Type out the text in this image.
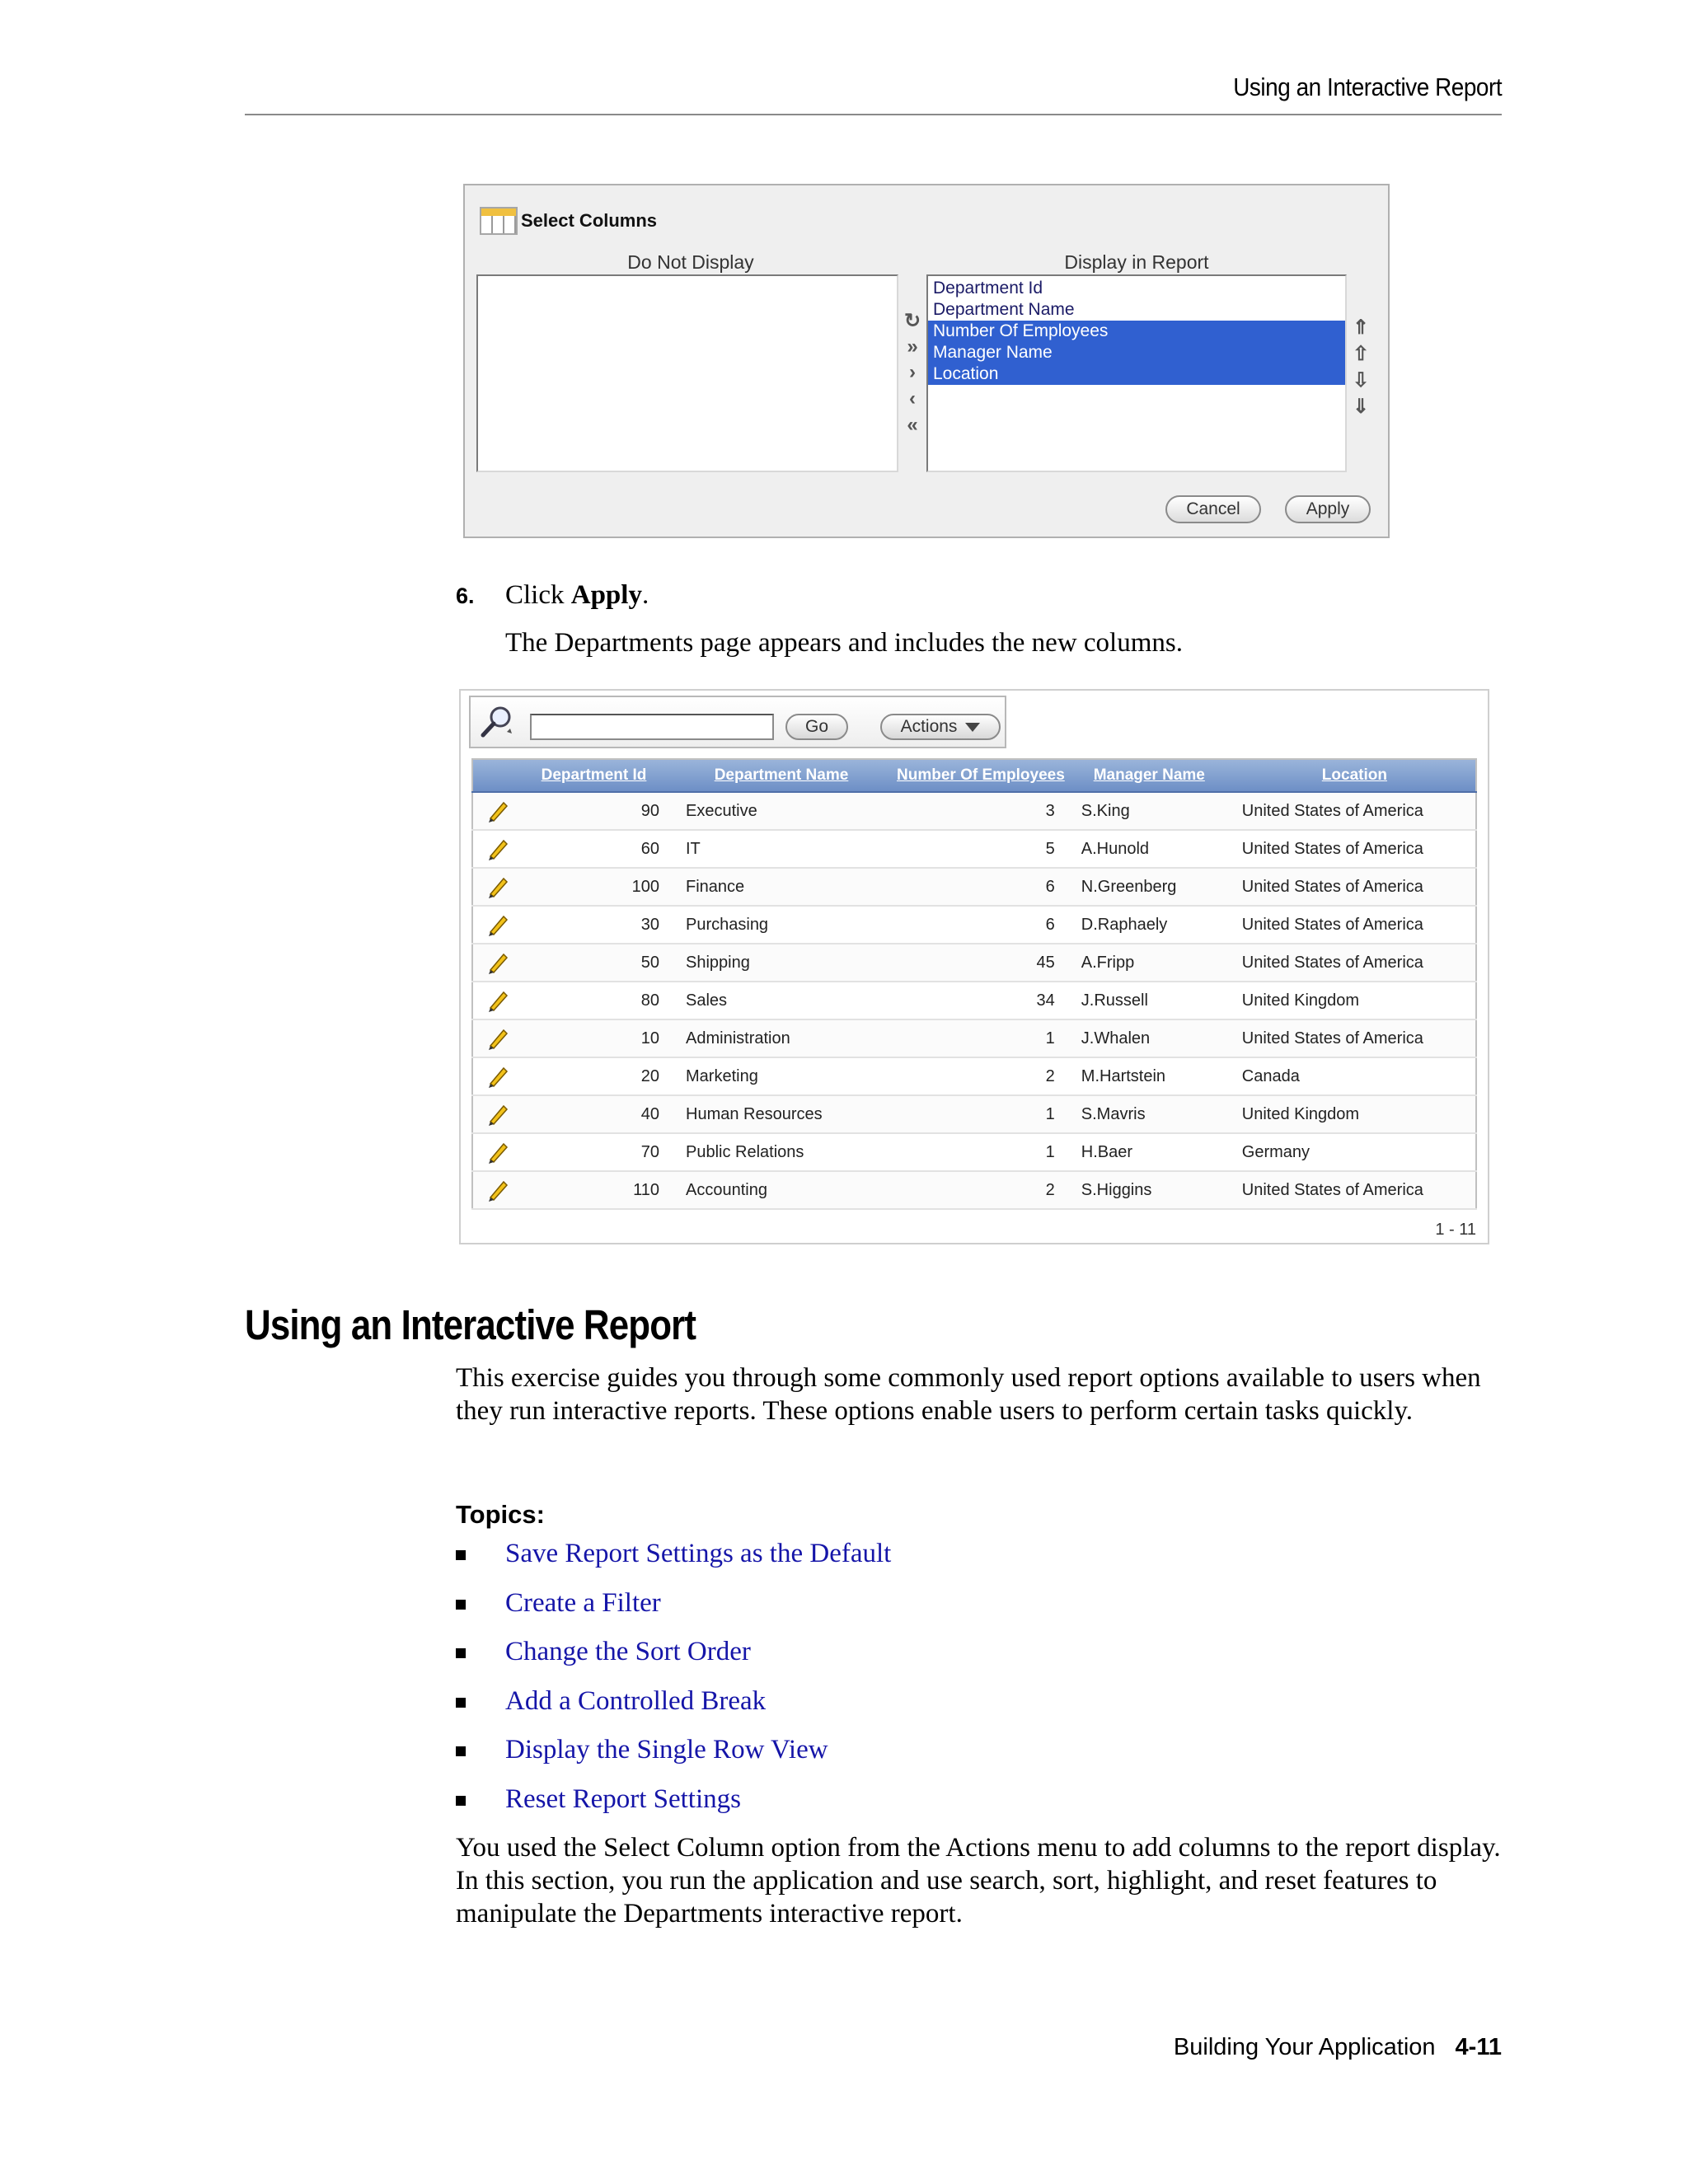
Using an Interactive Report
Select Columns
Do Not Display	Display in Report
↻
»
›
‹
«
Department Id
Department Name
Number Of Employees
Manager Name
Location
⇑
⇧
⇩
⇓
Cancel	Apply
6. Click Apply.
The Departments page appears and includes the new columns.
Go	Actions
	Department Id	Department Name	Number Of Employees	Manager Name	Location
	90	Executive	3	S.King	United States of America
	60	IT	5	A.Hunold	United States of America
	100	Finance	6	N.Greenberg	United States of America
	30	Purchasing	6	D.Raphaely	United States of America
	50	Shipping	45	A.Fripp	United States of America
	80	Sales	34	J.Russell	United Kingdom
	10	Administration	1	J.Whalen	United States of America
	20	Marketing	2	M.Hartstein	Canada
	40	Human Resources	1	S.Mavris	United Kingdom
	70	Public Relations	1	H.Baer	Germany
	110	Accounting	2	S.Higgins	United States of America
1 - 11
Using an Interactive Report

This exercise guides you through some commonly used report options available to users when they run interactive reports. These options enable users to perform certain tasks quickly.

Topics:
Save Report Settings as the Default
Create a Filter
Change the Sort Order
Add a Controlled Break
Display the Single Row View
Reset Report Settings

You used the Select Column option from the Actions menu to add columns to the report display. In this section, you run the application and use search, sort, highlight, and reset features to manipulate the Departments interactive report.

Building Your Application 4-11
